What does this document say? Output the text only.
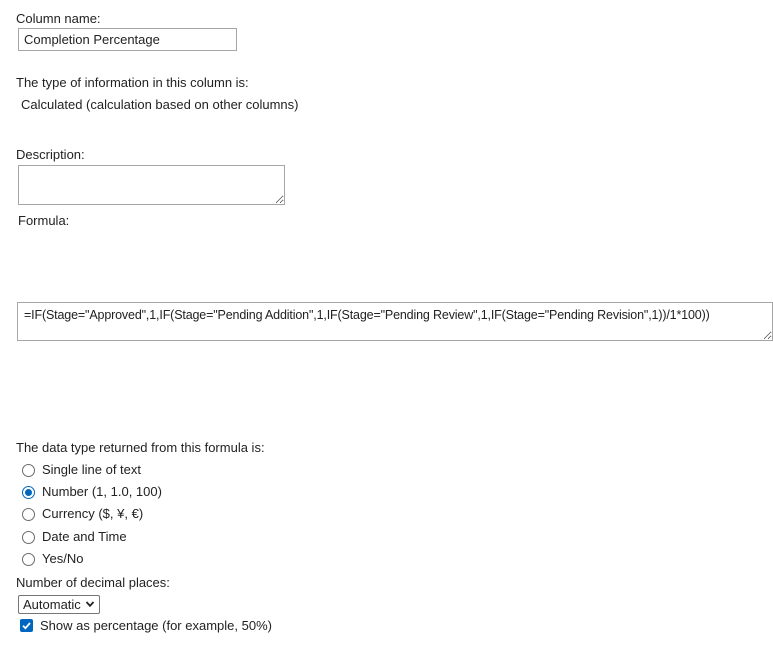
Column name:
Completion Percentage
The type of information in this column is:
Calculated (calculation based on other columns)
Description:
Formula:
=IF(Stage="Approved",1,IF(Stage="Pending Addition",1,IF(Stage="Pending Review",1,IF(Stage="Pending Revision",1))/1*100))
The data type returned from this formula is:
Single line of text
Number (1, 1.0, 100)
Currency ($, ¥, €)
Date and Time
Yes/No
Number of decimal places:
Automatic
Show as percentage (for example, 50%)
